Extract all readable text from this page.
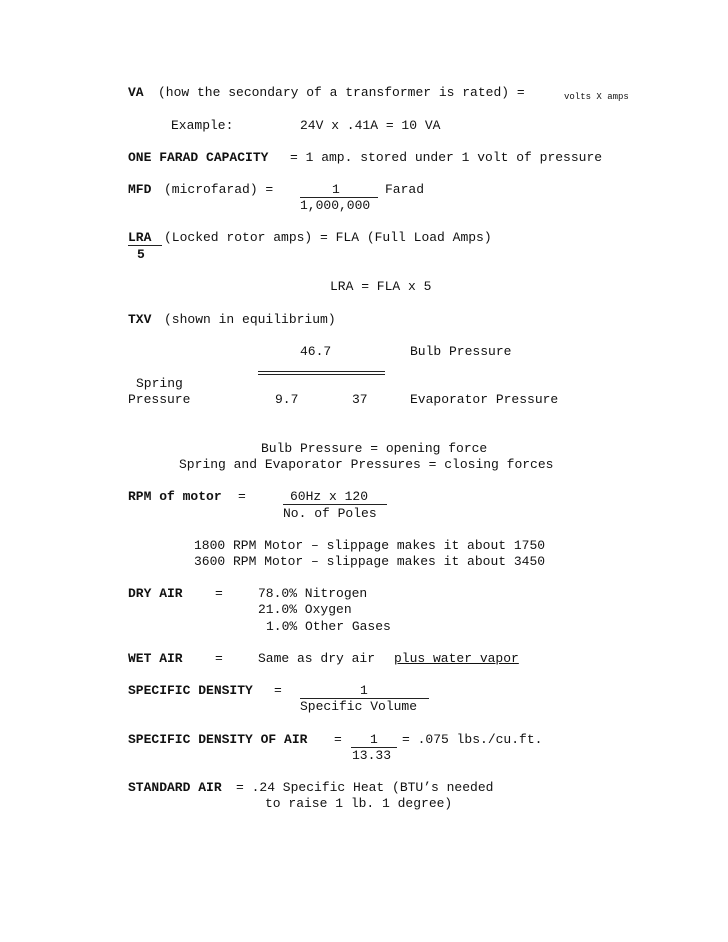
VA (how the secondary of a transformer is rated) =	volts X amps
Example:	24V x .41A = 10 VA
ONE FARAD CAPACITY = 1 amp. stored under 1 volt of pressure
MFD (microfarad) =	1	Farad
1,000,000
LRA (Locked rotor amps) = FLA (Full Load Amps)
5
LRA = FLA x 5
TXV (shown in equilibrium)
46.7	Bulb Pressure
Spring
Pressure	9.7	37	Evaporator Pressure
Bulb Pressure = opening force
Spring and Evaporator Pressures = closing forces
RPM of motor =	60Hz x 120
No. of Poles
1800 RPM Motor – slippage makes it about 1750
3600 RPM Motor – slippage makes it about 3450
DRY AIR =	78.0% Nitrogen
21.0% Oxygen
1.0% Other Gases
WET AIR =	Same as dry air plus water vapor
SPECIFIC DENSITY =	1
Specific Volume
SPECIFIC DENSITY OF AIR = 1 = .075 lbs./cu.ft.
13.33
STANDARD AIR = .24 Specific Heat (BTU’s needed
to raise 1 lb. 1 degree)
